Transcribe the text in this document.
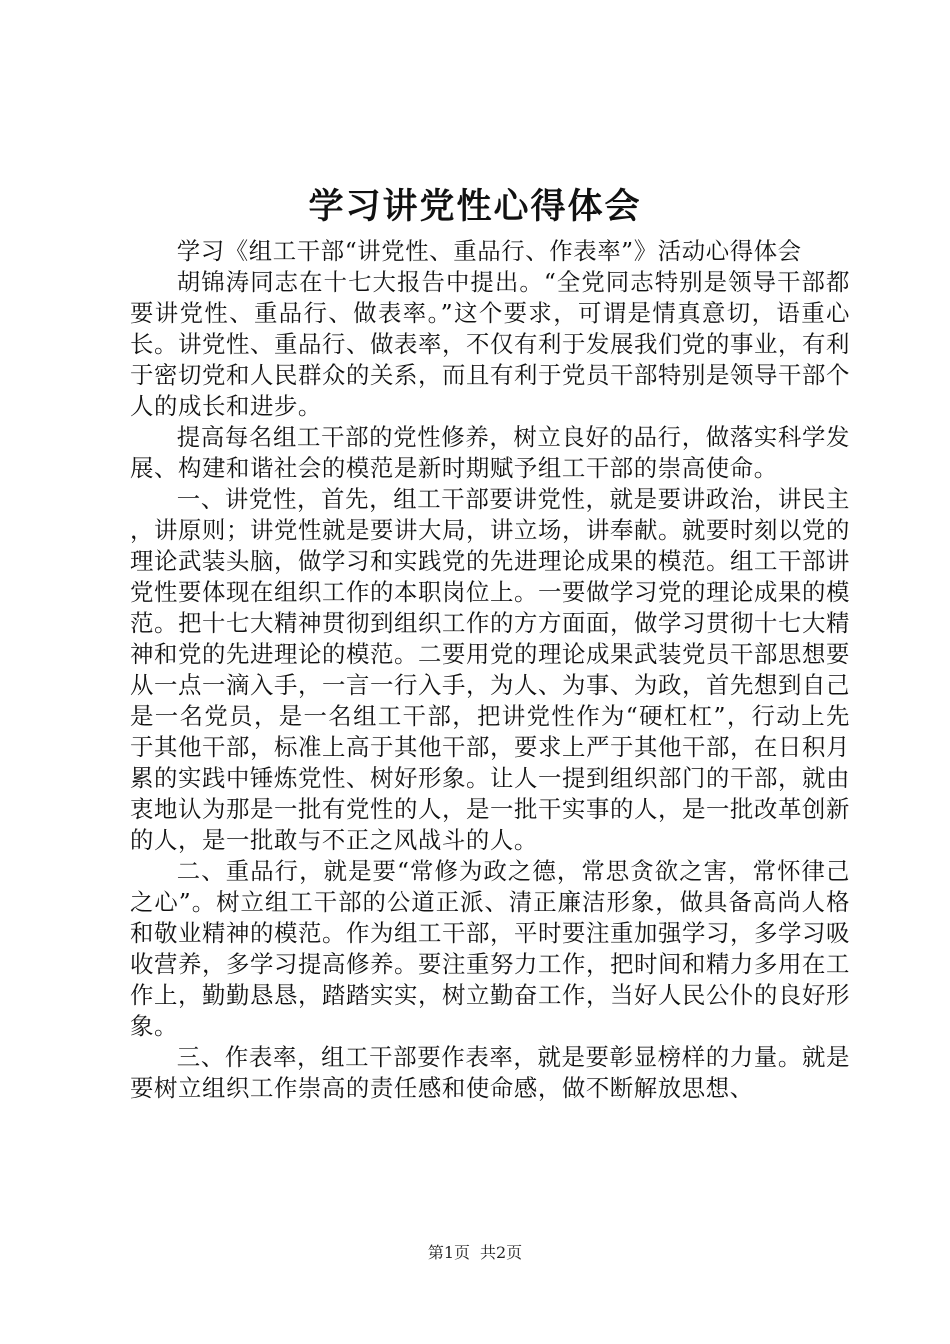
学习讲党性心得体会

学习《组工干部“讲党性、重品行、作表率”》活动心得体会

胡锦涛同志在十七大报告中提出。“全党同志特别是领导干部都要讲党性、重品行、做表率。”这个要求，可谓是情真意切，语重心长。讲党性、重品行、做表率，不仅有利于发展我们党的事业，有利于密切党和人民群众的关系，而且有利于党员干部特别是领导干部个人的成长和进步。

提高每名组工干部的党性修养，树立良好的品行，做落实科学发展、构建和谐社会的模范是新时期赋予组工干部的崇高使命。

一、讲党性，首先，组工干部要讲党性，就是要讲政治，讲民主，讲原则；讲党性就是要讲大局，讲立场，讲奉献。就要时刻以党的理论武装头脑，做学习和实践党的先进理论成果的模范。组工干部讲党性要体现在组织工作的本职岗位上。一要做学习党的理论成果的模范。把十七大精神贯彻到组织工作的方方面面，做学习贯彻十七大精神和党的先进理论的模范。二要用党的理论成果武装党员干部思想要从一点一滴入手，一言一行入手，为人、为事、为政，首先想到自己是一名党员，是一名组工干部，把讲党性作为“硬杠杠”，行动上先于其他干部，标准上高于其他干部，要求上严于其他干部，在日积月累的实践中锤炼党性、树好形象。让人一提到组织部门的干部，就由衷地认为那是一批有党性的人，是一批干实事的人，是一批改革创新的人，是一批敢与不正之风战斗的人。

二、重品行，就是要“常修为政之德，常思贪欲之害，常怀律己之心”。树立组工干部的公道正派、清正廉洁形象，做具备高尚人格和敬业精神的模范。作为组工干部，平时要注重加强学习，多学习吸收营养，多学习提高修养。要注重努力工作，把时间和精力多用在工作上，勤勤恳恳，踏踏实实，树立勤奋工作，当好人民公仆的良好形象。

三、作表率，组工干部要作表率，就是要彰显榜样的力量。就是要树立组织工作崇高的责任感和使命感，做不断解放思想、

第1页 共2页
